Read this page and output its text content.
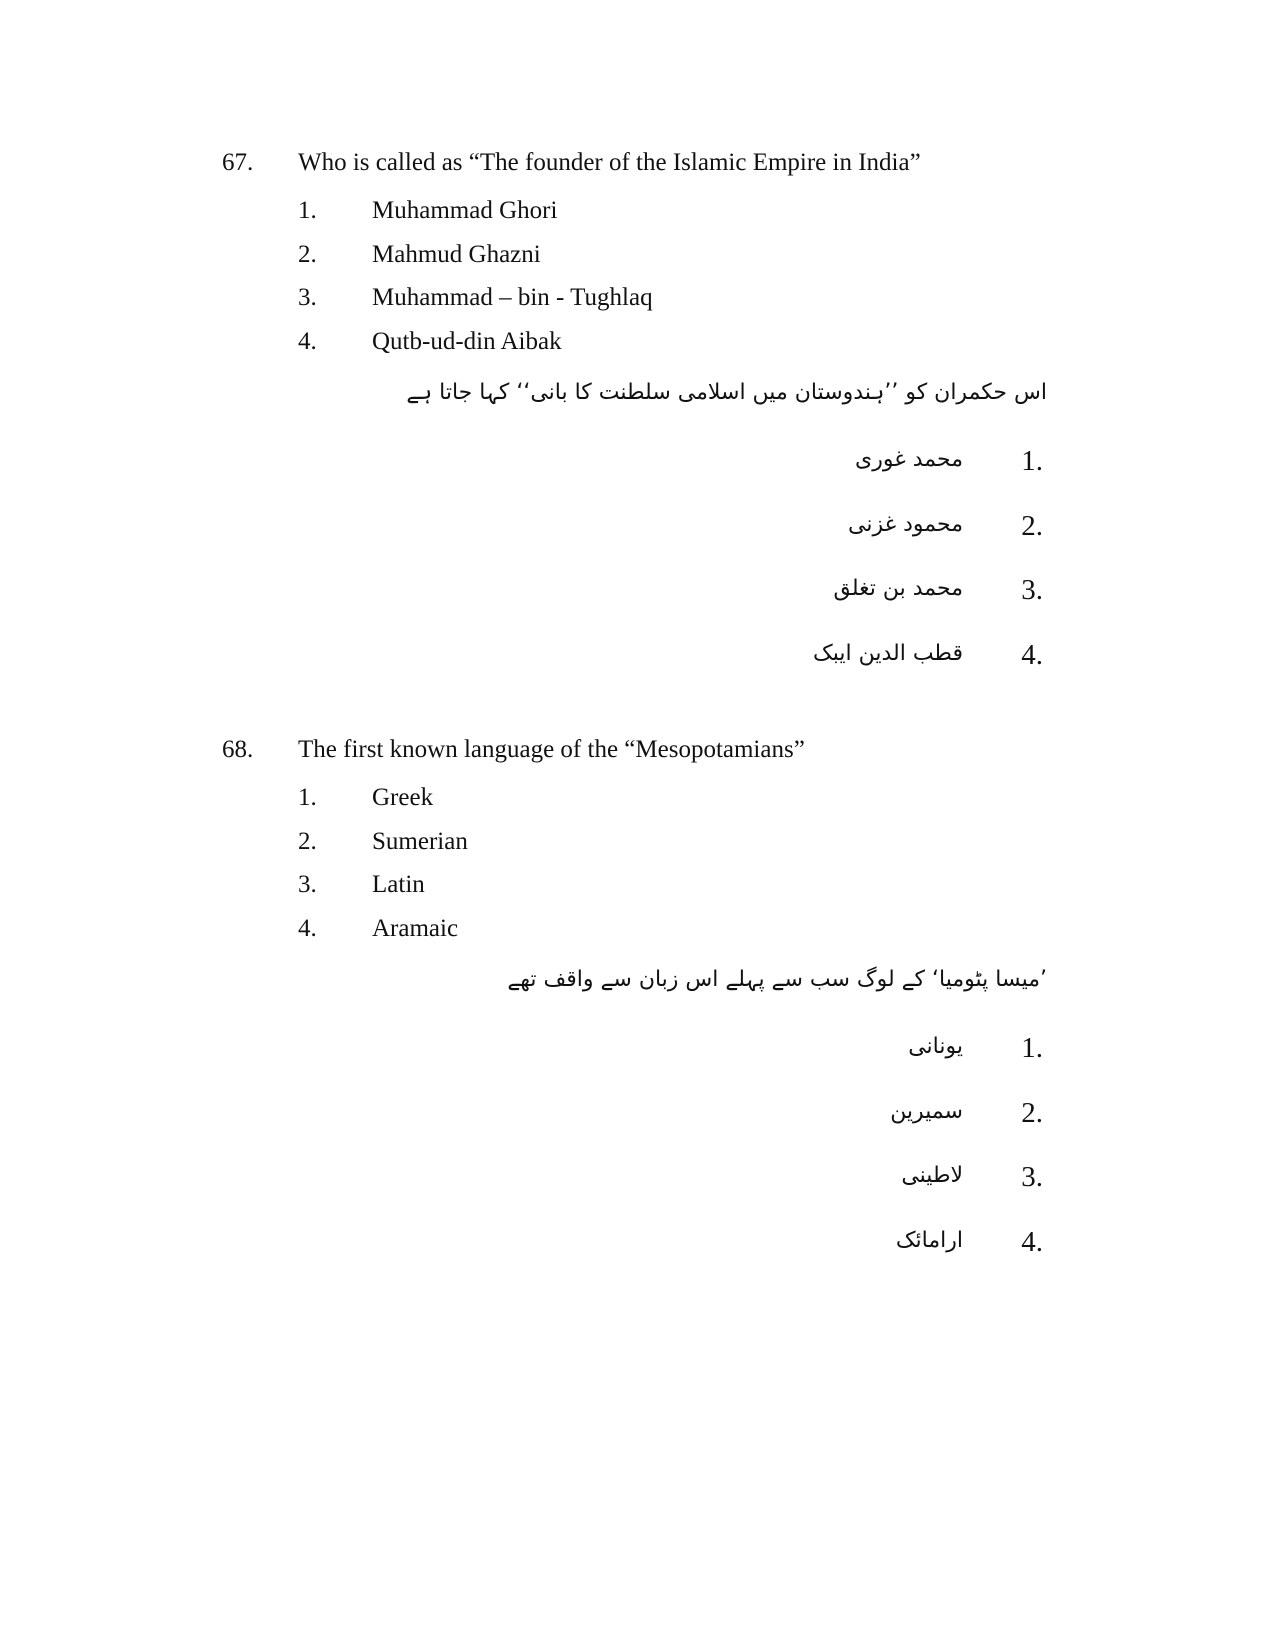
67. Who is called as “The founder of the Islamic Empire in India”
1. Muhammad Ghori
2. Mahmud Ghazni
3. Muhammad – bin - Tughlaq
4. Qutb-ud-din Aibak
اس حکمران کو ’’ہندوستان میں اسلامی سلطنت کا بانی‘‘ کہا جاتا ہے
1.
محمد غوری
2.
محمود غزنی
3.
محمد بن تغلق
4.
قطب الدین ایبک
68. The first known language of the “Mesopotamians”
1. Greek
2. Sumerian
3. Latin
4. Aramaic
’میسا پٹومیا‘ کے لوگ سب سے پہلے اس زبان سے واقف تھے
1.
یونانی
2.
سمیرین
3.
لاطینی
4.
ارامائک
